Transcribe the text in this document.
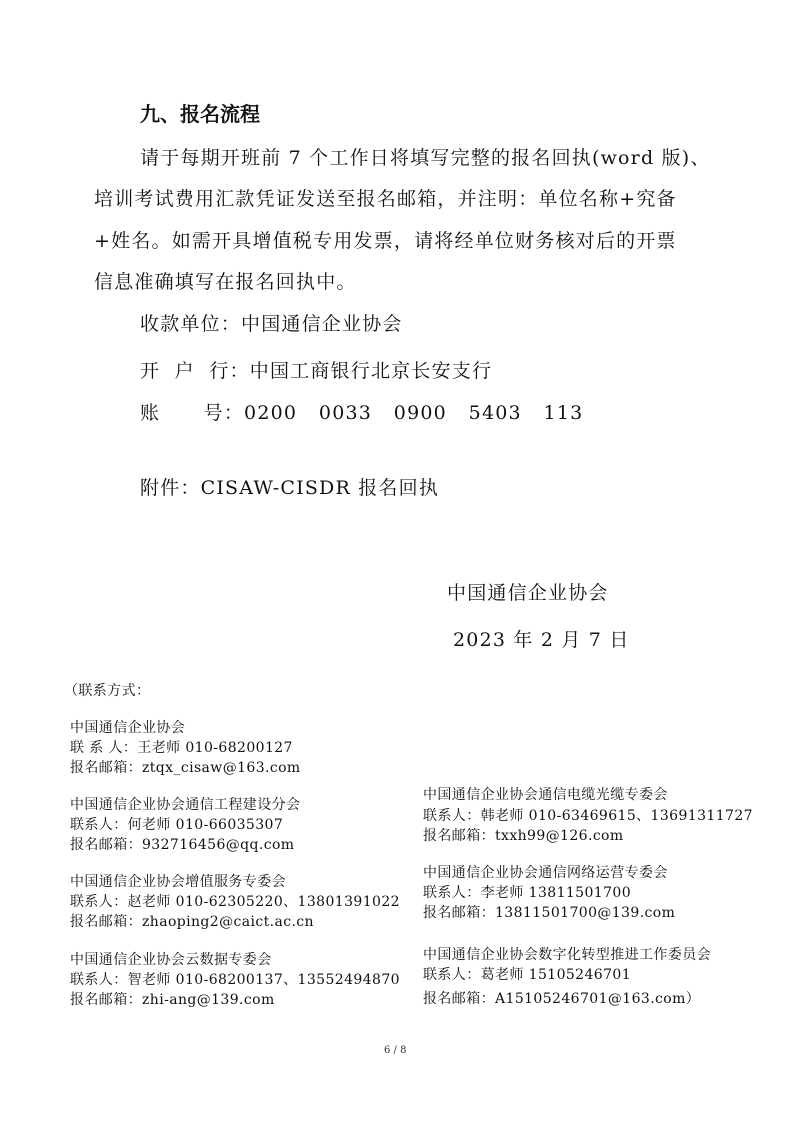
九、报名流程
请于每期开班前 7 个工作日将填写完整的报名回执(word 版)、
培训考试费用汇款凭证发送至报名邮箱，并注明：单位名称+究备
+姓名。如需开具增值税专用发票，请将经单位财务核对后的开票
信息准确填写在报名回执中。
收款单位：中国通信企业协会
开  户  行：中国工商银行北京长安支行
账      号：0200   0033   0900   5403   113
附件：CISAW-CISDR 报名回执
中国通信企业协会
2023 年 2 月 7 日
（联系方式：
中国通信企业协会
联 系 人：王老师 010-68200127
报名邮箱：ztqx_cisaw@163.com
中国通信企业协会通信工程建设分会
联系人：何老师 010-66035307
报名邮箱：932716456@qq.com
中国通信企业协会增值服务专委会
联系人：赵老师 010-62305220、13801391022
报名邮箱：zhaoping2@caict.ac.cn
中国通信企业协会云数据专委会
联系人：智老师 010-68200137、13552494870
报名邮箱：zhi-ang@139.com
中国通信企业协会通信电缆光缆专委会
联系人：韩老师 010-63469615、13691311727
报名邮箱：txxh99@126.com
中国通信企业协会通信网络运营专委会
联系人：李老师 13811501700
报名邮箱：13811501700@139.com
中国通信企业协会数字化转型推进工作委员会
联系人：葛老师 15105246701
报名邮箱：A15105246701@163.com）
6 / 8
